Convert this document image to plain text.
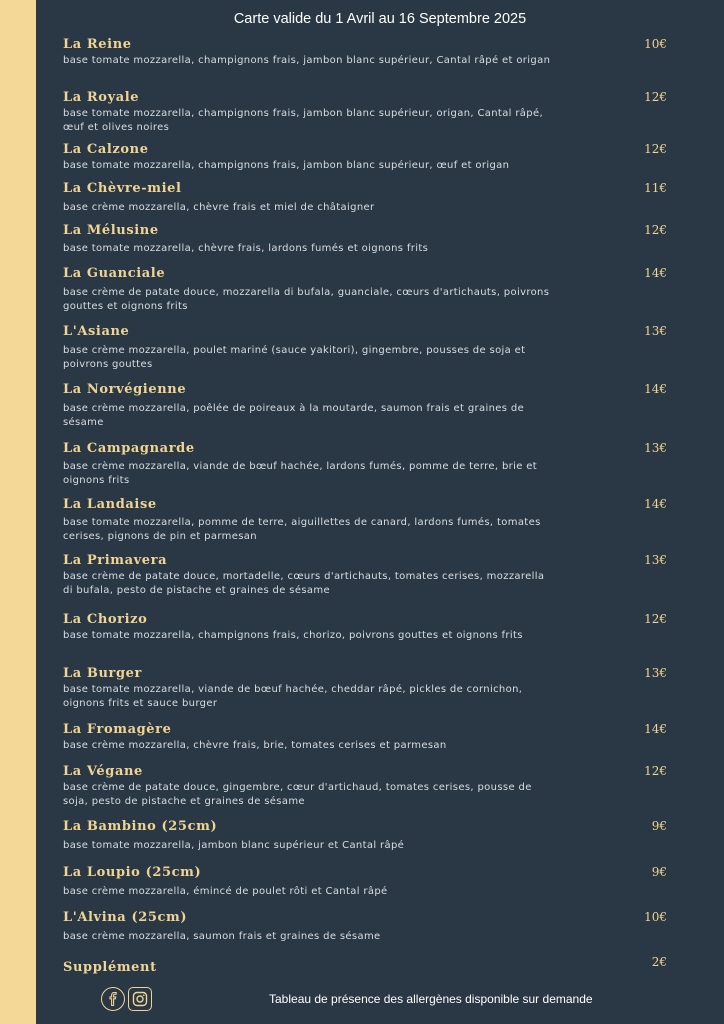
Carte valide du 1 Avril au 16 Septembre 2025
La Reine
base tomate mozzarella, champignons frais, jambon blanc supérieur, Cantal râpé et origan
10€
La Royale
base tomate mozzarella, champignons frais, jambon blanc supérieur, origan, Cantal râpé, œuf et olives noires
12€
La Calzone
base tomate mozzarella, champignons frais, jambon blanc supérieur, œuf et origan
12€
La Chèvre-miel
base crème mozzarella, chèvre frais et miel de châtaigner
11€
La Mélusine
base tomate mozzarella, chèvre frais, lardons fumés et oignons frits
12€
La Guanciale
base crème de patate douce, mozzarella di bufala, guanciale, cœurs d'artichauts, poivrons gouttes et oignons frits
14€
L'Asiane
base crème mozzarella, poulet mariné (sauce yakitori), gingembre, pousses de soja et poivrons gouttes
13€
La Norvégienne
base crème mozzarella, poêlée de poireaux à la moutarde, saumon frais et graines de sésame
14€
La Campagnarde
base crème mozzarella, viande de bœuf hachée, lardons fumés, pomme de terre, brie et oignons frits
13€
La Landaise
base tomate mozzarella, pomme de terre, aiguillettes de canard, lardons fumés, tomates cerises, pignons de pin et parmesan
14€
La Primavera
base crème de patate douce, mortadelle, cœurs d'artichauts, tomates cerises, mozzarella di bufala, pesto de pistache et graines de sésame
13€
La Chorizo
base tomate mozzarella, champignons frais, chorizo, poivrons gouttes et oignons frits
12€
La Burger
base tomate mozzarella, viande de bœuf hachée, cheddar râpé, pickles de cornichon, oignons frits et sauce burger
13€
La Fromagère
base crème mozzarella, chèvre frais, brie, tomates cerises et parmesan
14€
La Végane
base crème de patate douce, gingembre, cœur d'artichaud, tomates cerises, pousse de soja, pesto de pistache et graines de sésame
12€
La Bambino (25cm)
base tomate mozzarella, jambon blanc supérieur et Cantal râpé
9€
La Loupio (25cm)
base crème mozzarella, émincé de poulet rôti et Cantal râpé
9€
L'Alvina (25cm)
base crème mozzarella, saumon frais et graines de sésame
10€
Supplément	2€
Tableau de présence des allergènes disponible sur demande
